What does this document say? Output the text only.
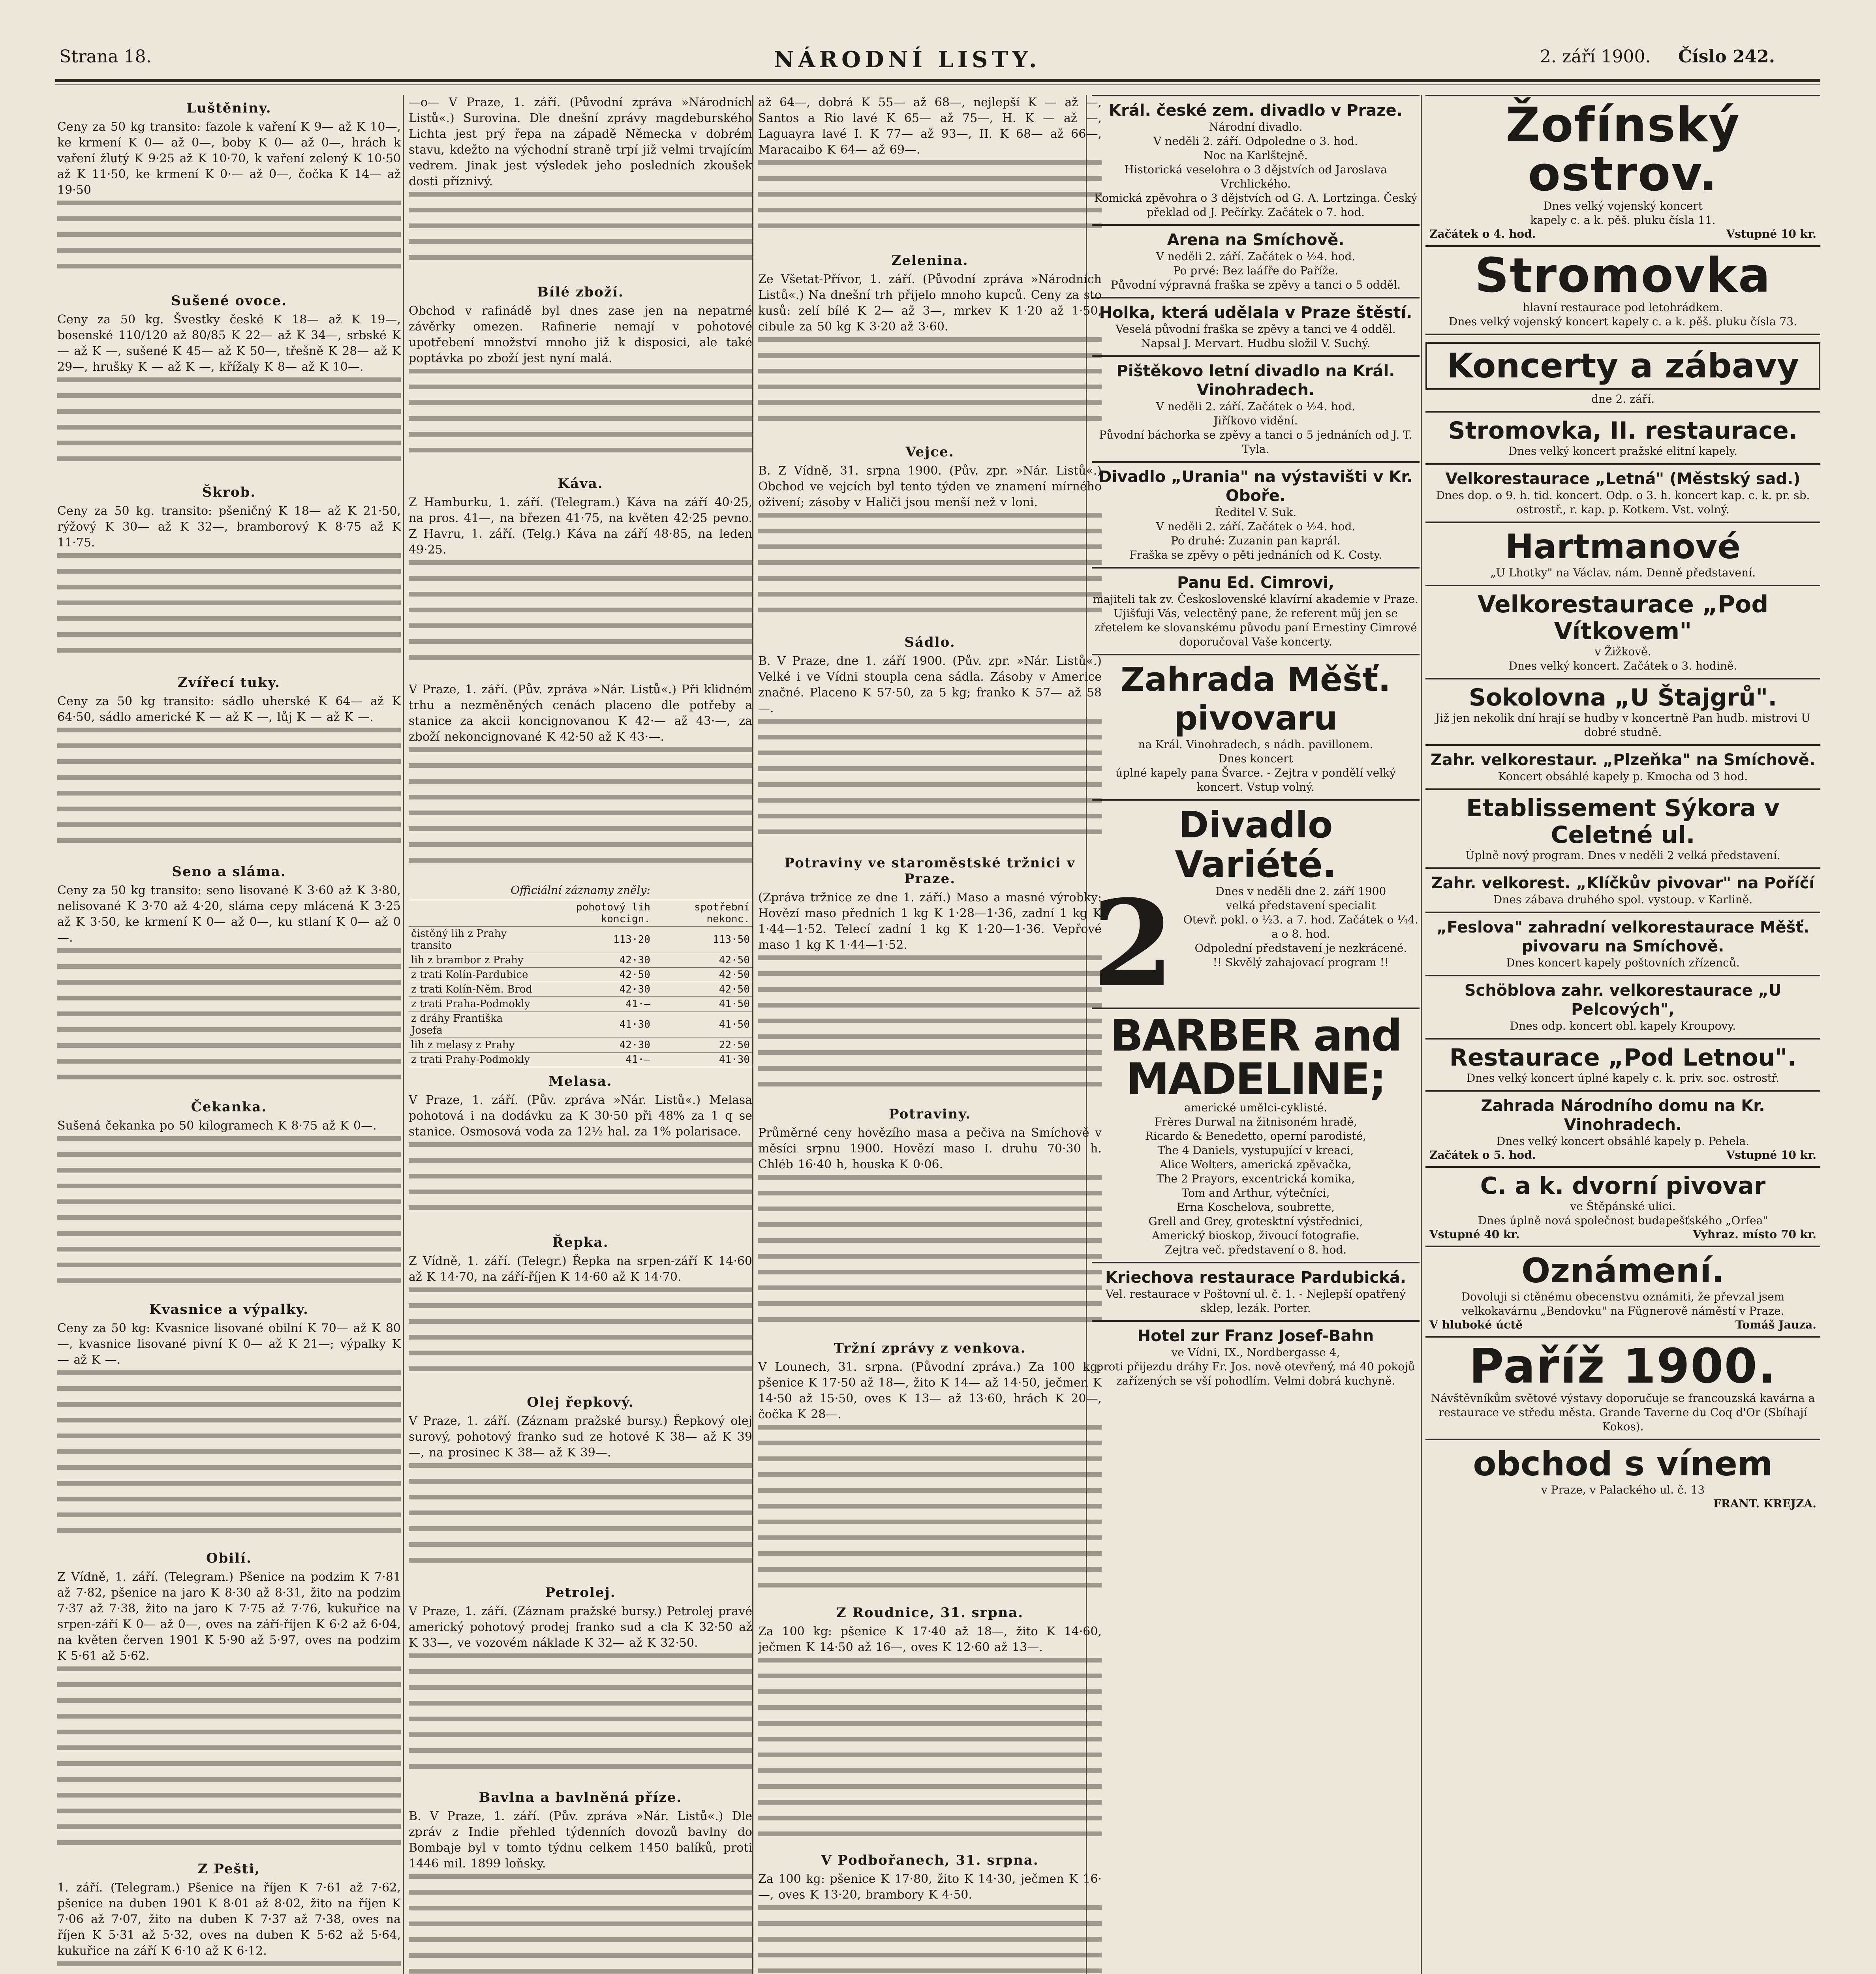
Strana 18.	NÁRODNÍ LISTY.	2. září 1900. Číslo 242.
Luštěniny.
Ceny za 50 kg transito: fazole k vaření K 9— až K 10—, ke krmení K 0— až 0—, boby K 0— až 0—, hrách k vaření žlutý K 9·25 až K 10·70, k vaření zelený K 10·50 až K 11·50, ke krmení K 0·— až 0—, čočka K 14— až 19·50
Sušené ovoce.
Ceny za 50 kg. Švestky české K 18— až K 19—, bosenské 110/120 až 80/85 K 22— až K 34—, srbské K — až K —, sušené K 45— až K 50—, třešně K 28— až K 29—, hrušky K — až K —, křížaly K 8— až K 10—.
Škrob.
Ceny za 50 kg. transito: pšeničný K 18— až K 21·50, rýžový K 30— až K 32—, bramborový K 8·75 až K 11·75.
Zvířecí tuky.
Ceny za 50 kg transito: sádlo uherské K 64— až K 64·50, sádlo americké K — až K —, lůj K — až K —.
Seno a sláma.
Ceny za 50 kg transito: seno lisované K 3·60 až K 3·80, nelisované K 3·70 až 4·20, sláma cepy mlácená K 3·25 až K 3·50, ke krmení K 0— až 0—, ku stlaní K 0— až 0—.
Čekanka.
Sušená čekanka po 50 kilogramech K 8·75 až K 0—.
Kvasnice a výpalky.
Ceny za 50 kg: Kvasnice lisované obilní K 70— až K 80—, kvasnice lisované pivní K 0— až K 21—; výpalky K — až K —.
Obilí.
Z Vídně, 1. září. (Telegram.) Pšenice na podzim K 7·81 až 7·82, pšenice na jaro K 8·30 až 8·31, žito na podzim 7·37 až 7·38, žito na jaro K 7·75 až 7·76, kukuřice na srpen-září K 0— až 0—, oves na září-říjen K 6·2 až 6·04, na květen červen 1901 K 5·90 až 5·97, oves na podzim K 5·61 až 5·62.
Z Pešti,
1. září. (Telegram.) Pšenice na říjen K 7·61 až 7·62, pšenice na duben 1901 K 8·01 až 8·02, žito na říjen K 7·06 až 7·07, žito na duben K 7·37 až 7·38, oves na říjen K 5·31 až 5·32, oves na duben K 5·62 až 5·64, kukuřice na září K 6·10 až K 6·12.
—o— V Praze, 1. září. (Původní zpráva »Národních Listů«.) Surovina. Dle dnešní zprávy magdeburského Lichta jest prý řepa na západě Německa v dobrém stavu, kdežto na východní straně trpí již velmi trvajícím vedrem. Jinak jest výsledek jeho posledních zkoušek dosti příznivý.
Bílé zboží.
Obchod v rafinádě byl dnes zase jen na nepatrné závěrky omezen. Rafinerie nemají v pohotové upotřebení množství mnoho již k disposici, ale také poptávka po zboží jest nyní malá.
Káva.
Z Hamburku, 1. září. (Telegram.) Káva na září 40·25, na pros. 41—, na březen 41·75, na květen 42·25 pevno. Z Havru, 1. září. (Telg.) Káva na září 48·85, na leden 49·25.
V Praze, 1. září. (Pův. zpráva »Nár. Listů«.) Při klidném trhu a nezměněných cenách placeno dle potřeby a stanice za akcii koncignovanou K 42·— až 43·—, za zboží nekoncignované K 42·50 až K 43·—.
Officiální záznamy zněly:
	pohotový lih koncign.	spotřební nekonc.
čistěný lih z Prahy transito	113·20	113·50
lih z brambor z Prahy	42·30	42·50
z trati Kolín-Pardubice	42·50	42·50
z trati Kolín-Něm. Brod	42·30	42·50
z trati Praha-Podmokly	41·—	41·50
z dráhy Františka Josefa	41·30	41·50
lih z melasy z Prahy	42·30	22·50
z trati Prahy-Podmokly	41·—	41·30
Melasa.
V Praze, 1. září. (Pův. zpráva »Nár. Listů«.) Melasa pohotová i na dodávku za K 30·50 při 48% za 1 q se stanice. Osmosová voda za 12½ hal. za 1% polarisace.
Řepka.
Z Vídně, 1. září. (Telegr.) Řepka na srpen-září K 14·60 až K 14·70, na září-říjen K 14·60 až K 14·70.
Olej řepkový.
V Praze, 1. září. (Záznam pražské bursy.) Řepkový olej surový, pohotový franko sud ze hotové K 38— až K 39—, na prosinec K 38— až K 39—.
Petrolej.
V Praze, 1. září. (Záznam pražské bursy.) Petrolej pravé americký pohotový prodej franko sud a cla K 32·50 až K 33—, ve vozovém náklade K 32— až K 32·50.
Bavlna a bavlněná příze.
B. V Praze, 1. září. (Pův. zpráva »Nár. Listů«.) Dle zpráv z Indie přehled týdenních dovozů bavlny do Bombaje byl v tomto týdnu celkem 1450 balíků, proti 1446 mil. 1899 loňsky.
až 64—, dobrá K 55— až 68—, nejlepší K — až —, Santos a Rio lavé K 65— až 75—, H. K — až —, Laguayra lavé I. K 77— až 93—, II. K 68— až 66—, Maracaibo K 64— až 69—.
Zelenina.
Ze Všetat-Přívor, 1. září. (Původní zpráva »Národních Listů«.) Na dnešní trh přijelo mnoho kupců. Ceny za sto kusů: zelí bílé K 2— až 3—, mrkev K 1·20 až 1·50, cibule za 50 kg K 3·20 až 3·60.
Vejce.
B. Z Vídně, 31. srpna 1900. (Pův. zpr. »Nár. Listů«.) Obchod ve vejcích byl tento týden ve znamení mírného oživení; zásoby v Haliči jsou menší než v loni.
Sádlo.
B. V Praze, dne 1. září 1900. (Pův. zpr. »Nár. Listů«.) Velké i ve Vídni stoupla cena sádla. Zásoby v Americe značné. Placeno K 57·50, za 5 kg; franko K 57— až 58—.
Potraviny ve staroměstské tržnici v Praze.
(Zpráva tržnice ze dne 1. září.) Maso a masné výrobky: Hovězí maso předních 1 kg K 1·28—1·36, zadní 1 kg K 1·44—1·52. Telecí zadní 1 kg K 1·20—1·36. Vepřové maso 1 kg K 1·44—1·52.
Potraviny.
Průměrné ceny hovězího masa a pečiva na Smíchově v měsíci srpnu 1900. Hovězí maso I. druhu 70·30 h. Chléb 16·40 h, houska K 0·06.
Tržní zprávy z venkova.
V Lounech, 31. srpna. (Původní zpráva.) Za 100 kg: pšenice K 17·50 až 18—, žito K 14— až 14·50, ječmen K 14·50 až 15·50, oves K 13— až 13·60, hrách K 20—, čočka K 28—.
Z Roudnice, 31. srpna.
Za 100 kg: pšenice K 17·40 až 18—, žito K 14·60, ječmen K 14·50 až 16—, oves K 12·60 až 13—.
V Podbořanech, 31. srpna.
Za 100 kg: pšenice K 17·80, žito K 14·30, ječmen K 16·—, oves K 13·20, brambory K 4·50.
Král. české zem. divadlo v Praze.
Národní divadlo.
V neděli 2. září. Odpoledne o 3. hod.
Noc na Karlštejně.
Historická veselohra o 3 dějstvích od Jaroslava Vrchlického.
Komická zpěvohra o 3 dějstvích od G. A. Lortzinga. Český překlad od J. Pečírky. Začátek o 7. hod.
Arena na Smíchově.
V neděli 2. září. Začátek o ½4. hod.
Po prvé: Bez laáfře do Paříže.
Původní výpravná fraška se zpěvy a tanci o 5 odděl.
Holka, která udělala v Praze štěstí.
Veselá původní fraška se zpěvy a tanci ve 4 odděl.
Napsal J. Mervart. Hudbu složil V. Suchý.
Pištěkovo letní divadlo na Král. Vinohradech.
V neděli 2. září. Začátek o ½4. hod.
Jiříkovo vidění.
Původní báchorka se zpěvy a tanci o 5 jednáních od J. T. Tyla.
Divadlo „Urania" na výstavišti v Kr. Oboře.
Ředitel V. Suk.
V neděli 2. září. Začátek o ½4. hod.
Po druhé: Zuzanin pan kaprál.
Fraška se zpěvy o pěti jednáních od K. Costy.
Panu Ed. Cimrovi,
majiteli tak zv. Československé klavírní akademie v Praze.
Ujišťuji Vás, velectěný pane, že referent můj jen se zřetelem ke slovanskému původu paní Ernestiny Cimrové doporučoval Vaše koncerty.
Zahrada Měšť. pivovaru
na Král. Vinohradech, s nádh. pavillonem.
Dnes koncert
úplné kapely pana Švarce. - Zejtra v pondělí velký koncert. Vstup volný.
Divadlo Variété.
2	Dnes v neděli dne 2. září 1900
velká představení specialit
Otevř. pokl. o ½3. a 7. hod. Začátek o ¼4. a o 8. hod.
Odpolední představení je nezkrácené.
!! Skvělý zahajovací program !!
BARBER and MADELINE;
americké umělci-cyklisté.
Frères Durwal na žitnisoném hradě,
Ricardo & Benedetto, operní parodisté,
The 4 Daniels, vystupující v kreaci,
Alice Wolters, americká zpěvačka,
The 2 Prayors, excentrická komika,
Tom and Arthur, výtečníci,
Erna Koschelova, soubrette,
Grell and Grey, grotesktní výstřednici,
Americký bioskop, živoucí fotografie.
Zejtra več. představení o 8. hod.
Kriechova restaurace Pardubická.
Vel. restaurace v Poštovní ul. č. 1. - Nejlepší opatřený sklep, lezák. Porter.
Hotel zur Franz Josef-Bahn
ve Vídni, IX., Nordbergasse 4,
proti přijezdu dráhy Fr. Jos. nově otevřený, má 40 pokojů zařízených se vší pohodlím. Velmi dobrá kuchyně.
Žofínský ostrov.
Dnes velký vojenský koncert
kapely c. a k. pěš. pluku čísla 11.
Začátek o 4. hod.	Vstupné 10 kr.
Stromovka
hlavní restaurace pod letohrádkem.
Dnes velký vojenský koncert kapely c. a k. pěš. pluku čísla 73.
Koncerty a zábavy
dne 2. září.
Stromovka, II. restaurace.
Dnes velký koncert pražské elitní kapely.
Velkorestaurace „Letná" (Městský sad.)
Dnes dop. o 9. h. tid. koncert. Odp. o 3. h. koncert kap. c. k. pr. sb. ostrostř., r. kap. p. Kotkem. Vst. volný.
Hartmanové
„U Lhotky" na Václav. nám. Denně představení.
Velkorestaurace „Pod Vítkovem"
v Žižkově.
Dnes velký koncert. Začátek o 3. hodině.
Sokolovna „U Štajgrů".
Již jen nekolik dní hrají se hudby v koncertně Pan hudb. mistrovi U dobré studně.
Zahr. velkorestaur. „Plzeňka" na Smíchově.
Koncert obsáhlé kapely p. Kmocha od 3 hod.
Etablissement Sýkora v Celetné ul.
Úplně nový program. Dnes v neděli 2 velká představení.
Zahr. velkorest. „Klíčkův pivovar" na Poříčí
Dnes zábava druhého spol. vystoup. v Karlině.
„Feslova" zahradní velkorestaurace Měšť. pivovaru na Smíchově.
Dnes koncert kapely poštovních zřízenců.
Schöblova zahr. velkorestaurace „U Pelcových",
Dnes odp. koncert obl. kapely Kroupovy.
Restaurace „Pod Letnou".
Dnes velký koncert úplné kapely c. k. priv. soc. ostrostř.
Zahrada Národního domu na Kr. Vinohradech.
Dnes velký koncert obsáhlé kapely p. Pehela.
Začátek o 5. hod.	Vstupné 10 kr.
C. a k. dvorní pivovar
ve Štěpánské ulici.
Dnes úplně nová společnost budapešťského „Orfea"
Vstupné 40 kr.	Vyhraz. místo 70 kr.
Oznámení.
Dovoluji si ctěnému obecenstvu oznámiti, že převzal jsem velkokavárnu „Bendovku" na Fügnerově náměstí v Praze.
V hluboké úctě	Tomáš Jauza.
Paříž 1900.
Návštěvníkům světové výstavy doporučuje se francouzská kavárna a restaurace ve středu města. Grande Taverne du Coq d'Or (Sbíhají Kokos).
obchod s vínem
v Praze, v Palackého ul. č. 13
FRANT. KREJZA.
